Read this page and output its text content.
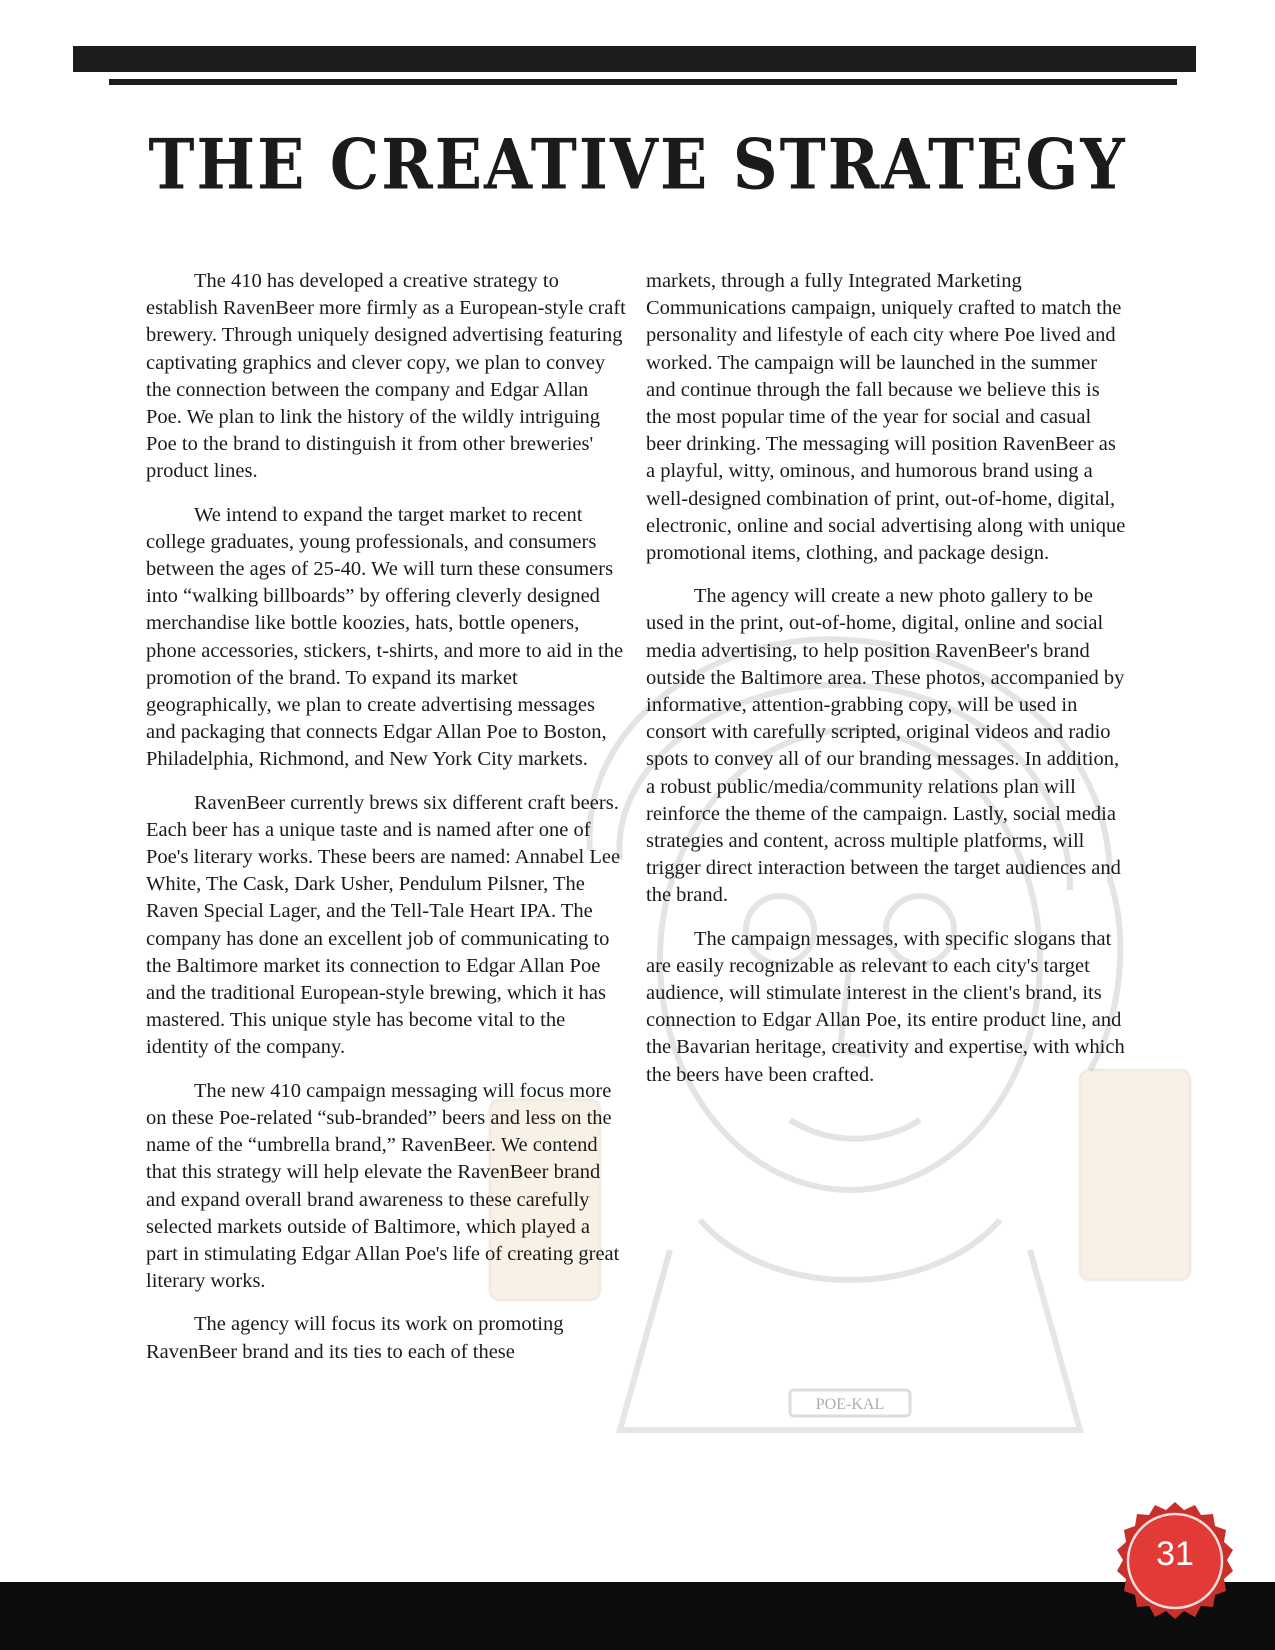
THE CREATIVE STRATEGY
POE-KAL

The 410 has developed a creative strategy to establish RavenBeer more firmly as a European-style craft brewery. Through uniquely designed advertising featuring captivating graphics and clever copy, we plan to convey the connection between the company and Edgar Allan Poe. We plan to link the history of the wildly intriguing Poe to the brand to distinguish it from other breweries' product lines.

We intend to expand the target market to recent college graduates, young professionals, and consumers between the ages of 25-40. We will turn these consumers into “walking billboards” by offering cleverly designed merchandise like bottle koozies, hats, bottle openers, phone accessories, stickers, t-shirts, and more to aid in the promotion of the brand. To expand its market geographically, we plan to create advertising messages and packaging that connects Edgar Allan Poe to Boston, Philadelphia, Richmond, and New York City markets.

RavenBeer currently brews six different craft beers. Each beer has a unique taste and is named after one of Poe's literary works. These beers are named: Annabel Lee White, The Cask, Dark Usher, Pendulum Pilsner, The Raven Special Lager, and the Tell-Tale Heart IPA. The company has done an excellent job of communicating to the Baltimore market its connection to Edgar Allan Poe and the traditional European-style brewing, which it has mastered. This unique style has become vital to the identity of the company.

The new 410 campaign messaging will focus more on these Poe-related “sub-branded” beers and less on the name of the “umbrella brand,” RavenBeer. We contend that this strategy will help elevate the RavenBeer brand and expand overall brand awareness to these carefully selected markets outside of Baltimore, which played a part in stimulating Edgar Allan Poe's life of creating great literary works.

The agency will focus its work on promoting RavenBeer brand and its ties to each of these

markets, through a fully Integrated Marketing Communications campaign, uniquely crafted to match the personality and lifestyle of each city where Poe lived and worked. The campaign will be launched in the summer and continue through the fall because we believe this is the most popular time of the year for social and casual beer drinking. The messaging will position RavenBeer as a playful, witty, ominous, and humorous brand using a well-designed combination of print, out-of-home, digital, electronic, online and social advertising along with unique promotional items, clothing, and package design.

The agency will create a new photo gallery to be used in the print, out-of-home, digital, online and social media advertising, to help position RavenBeer's brand outside the Baltimore area. These photos, accompanied by informative, attention-grabbing copy, will be used in consort with carefully scripted, original videos and radio spots to convey all of our branding messages. In addition, a robust public/media/community relations plan will reinforce the theme of the campaign. Lastly, social media strategies and content, across multiple platforms, will trigger direct interaction between the target audiences and the brand.

The campaign messages, with specific slogans that are easily recognizable as relevant to each city's target audience, will stimulate interest in the client's brand, its connection to Edgar Allan Poe, its entire product line, and the Bavarian heritage, creativity and expertise, with which the beers have been crafted.

31
